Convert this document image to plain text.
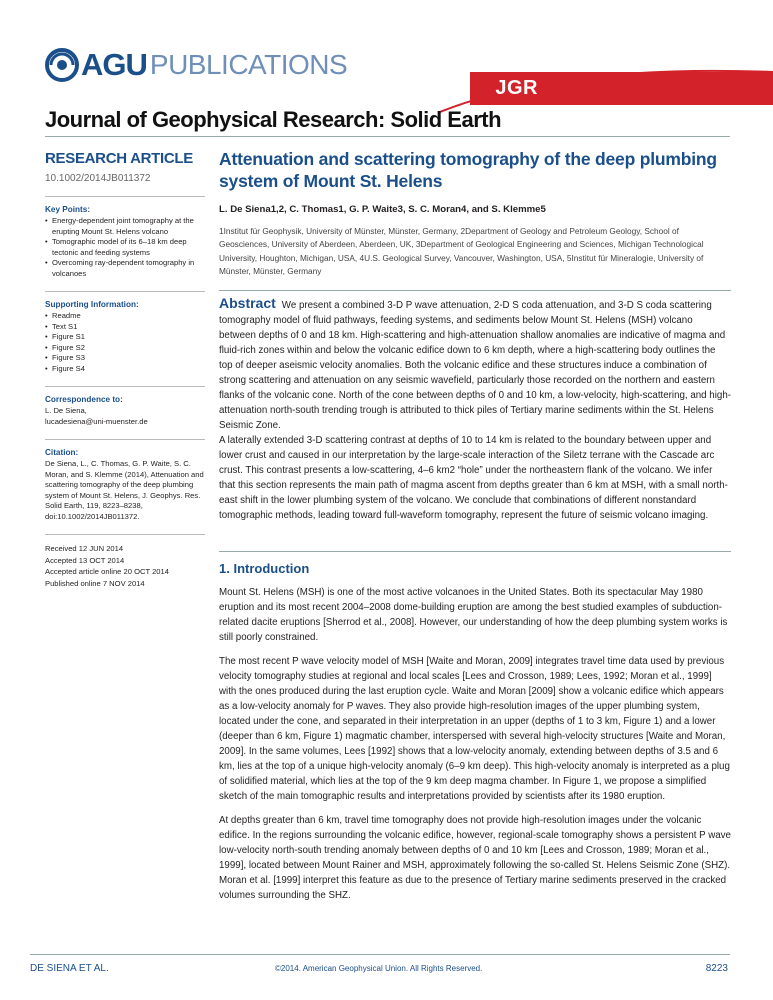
AGU PUBLICATIONS
JGR
Journal of Geophysical Research: Solid Earth
RESEARCH ARTICLE
10.1002/2014JB011372
Key Points:
• Energy-dependent joint tomography at the erupting Mount St. Helens volcano
• Tomographic model of its 6–18 km deep tectonic and feeding systems
• Overcoming ray-dependent tomography in volcanoes
Supporting Information:
• Readme
• Text S1
• Figure S1
• Figure S2
• Figure S3
• Figure S4
Correspondence to:
L. De Siena,
lucadesiena@uni-muenster.de
Citation:
De Siena, L., C. Thomas, G. P. Waite, S. C. Moran, and S. Klemme (2014), Attenuation and scattering tomography of the deep plumbing system of Mount St. Helens, J. Geophys. Res. Solid Earth, 119, 8223–8238, doi:10.1002/2014JB011372.
Received 12 JUN 2014
Accepted 13 OCT 2014
Accepted article online 20 OCT 2014
Published online 7 NOV 2014
Attenuation and scattering tomography of the deep plumbing system of Mount St. Helens
L. De Siena1,2, C. Thomas1, G. P. Waite3, S. C. Moran4, and S. Klemme5
1Institut für Geophysik, University of Münster, Münster, Germany, 2Department of Geology and Petroleum Geology, School of Geosciences, University of Aberdeen, Aberdeen, UK, 3Department of Geological Engineering and Sciences, Michigan Technological University, Houghton, Michigan, USA, 4U.S. Geological Survey, Vancouver, Washington, USA, 5Institut für Mineralogie, University of Münster, Münster, Germany
Abstract We present a combined 3-D P wave attenuation, 2-D S coda attenuation, and 3-D S coda scattering tomography model of fluid pathways, feeding systems, and sediments below Mount St. Helens (MSH) volcano between depths of 0 and 18 km. High-scattering and high-attenuation shallow anomalies are indicative of magma and fluid-rich zones within and below the volcanic edifice down to 6 km depth, where a high-scattering body outlines the top of deeper aseismic velocity anomalies. Both the volcanic edifice and these structures induce a combination of strong scattering and attenuation on any seismic wavefield, particularly those recorded on the northern and eastern flanks of the volcanic cone. North of the cone between depths of 0 and 10 km, a low-velocity, high-scattering, and high-attenuation north-south trending trough is attributed to thick piles of Tertiary marine sediments within the St. Helens Seismic Zone.
A laterally extended 3-D scattering contrast at depths of 10 to 14 km is related to the boundary between upper and lower crust and caused in our interpretation by the large-scale interaction of the Siletz terrane with the Cascade arc crust. This contrast presents a low-scattering, 4–6 km2 “hole” under the northeastern flank of the volcano. We infer that this section represents the main path of magma ascent from depths greater than 6 km at MSH, with a small north-east shift in the lower plumbing system of the volcano. We conclude that combinations of different nonstandard tomographic methods, leading toward full-waveform tomography, represent the future of seismic volcano imaging.
1. Introduction
Mount St. Helens (MSH) is one of the most active volcanoes in the United States. Both its spectacular May 1980 eruption and its most recent 2004–2008 dome-building eruption are among the best studied examples of subduction-related dacite eruptions [Sherrod et al., 2008]. However, our understanding of how the deep plumbing system works is still poorly constrained.
The most recent P wave velocity model of MSH [Waite and Moran, 2009] integrates travel time data used by previous velocity tomography studies at regional and local scales [Lees and Crosson, 1989; Lees, 1992; Moran et al., 1999] with the ones produced during the last eruption cycle. Waite and Moran [2009] show a volcanic edifice which appears as a low-velocity anomaly for P waves. They also provide high-resolution images of the upper plumbing system, located under the cone, and separated in their interpretation in an upper (depths of 1 to 3 km, Figure 1) and a lower (deeper than 6 km, Figure 1) magmatic chamber, interspersed with several high-velocity structures [Waite and Moran, 2009]. In the same volumes, Lees [1992] shows that a low-velocity anomaly, extending between depths of 3.5 and 6 km, lies at the top of a unique high-velocity anomaly (6–9 km deep). This high-velocity anomaly is interpreted as a plug of solidified material, which lies at the top of the 9 km deep magma chamber. In Figure 1, we propose a simplified sketch of the main tomographic results and interpretations provided by scientists after its 1980 eruption.
At depths greater than 6 km, travel time tomography does not provide high-resolution images under the volcanic edifice. In the regions surrounding the volcanic edifice, however, regional-scale tomography shows a persistent P wave low-velocity north-south trending anomaly between depths of 0 and 10 km [Lees and Crosson, 1989; Moran et al., 1999], located between Mount Rainer and MSH, approximately following the so-called St. Helens Seismic Zone (SHZ). Moran et al. [1999] interpret this feature as due to the presence of Tertiary marine sediments preserved in the cracked volumes surrounding the SHZ.
DE SIENA ET AL.	©2014. American Geophysical Union. All Rights Reserved.	8223
